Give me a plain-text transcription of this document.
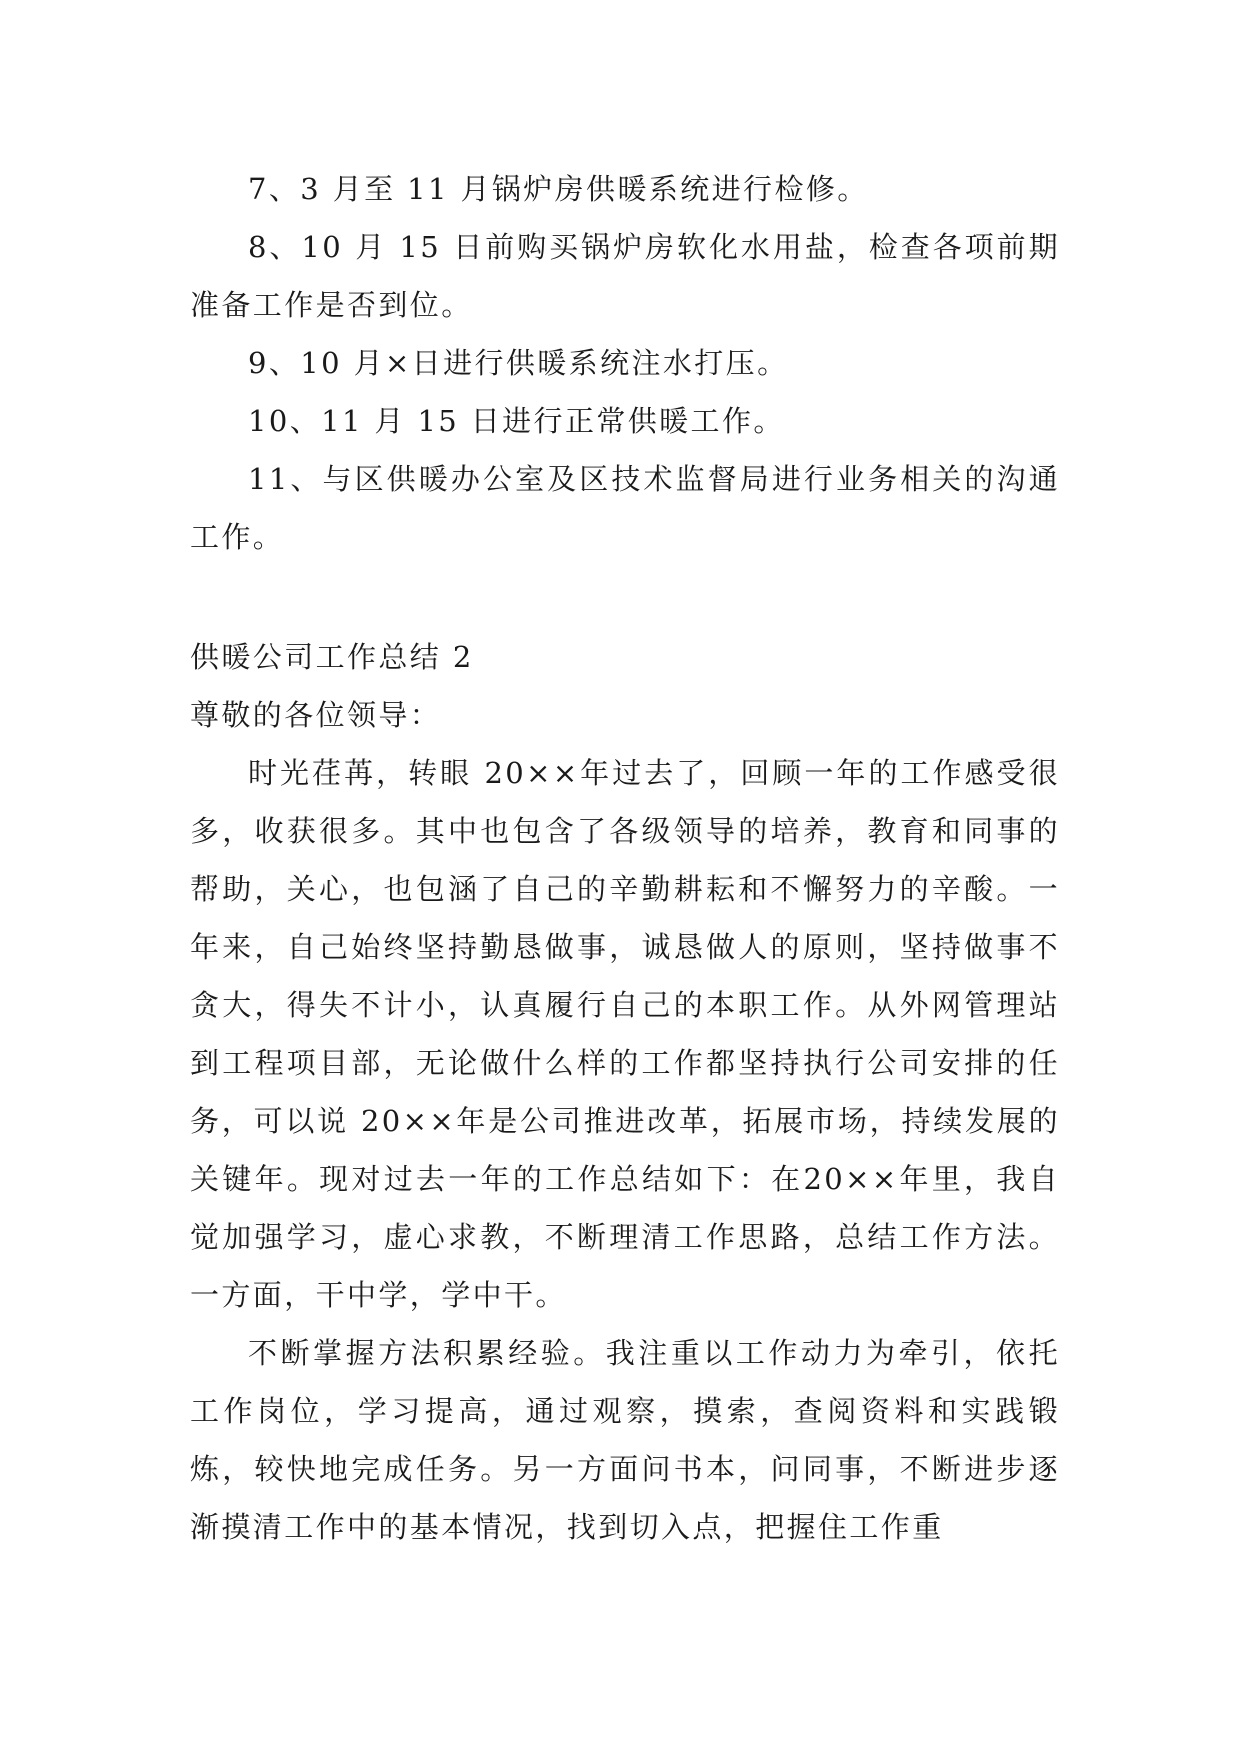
7、3 月至 11 月锅炉房供暖系统进行检修。

8、10 月 15 日前购买锅炉房软化水用盐，检查各项前期准备工作是否到位。

9、10 月×日进行供暖系统注水打压。

10、11 月 15 日进行正常供暖工作。

11、与区供暖办公室及区技术监督局进行业务相关的沟通工作。

供暖公司工作总结 2

尊敬的各位领导：

时光荏苒，转眼 20××年过去了，回顾一年的工作感受很多，收获很多。其中也包含了各级领导的培养，教育和同事的帮助，关心，也包涵了自己的辛勤耕耘和不懈努力的辛酸。一年来，自己始终坚持勤恳做事，诚恳做人的原则，坚持做事不贪大，得失不计小，认真履行自己的本职工作。从外网管理站到工程项目部，无论做什么样的工作都坚持执行公司安排的任务，可以说 20××年是公司推进改革，拓展市场，持续发展的关键年。现对过去一年的工作总结如下：在20××年里，我自觉加强学习，虚心求教，不断理清工作思路，总结工作方法。一方面，干中学，学中干。

不断掌握方法积累经验。我注重以工作动力为牵引，依托工作岗位，学习提高，通过观察，摸索，查阅资料和实践锻炼，较快地完成任务。另一方面问书本，问同事，不断进步逐渐摸清工作中的基本情况，找到切入点，把握住工作重
